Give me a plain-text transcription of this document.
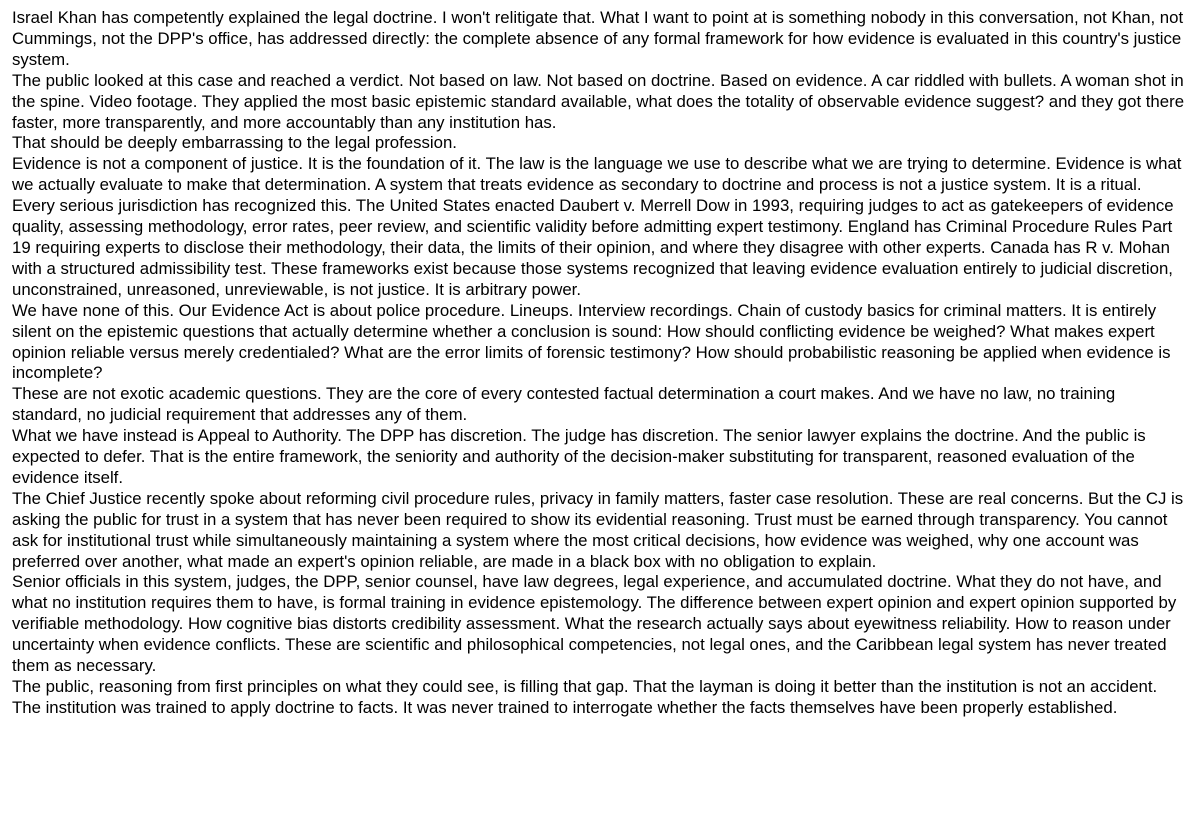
Israel Khan has competently explained the legal doctrine. I won't relitigate that. What I want to point at is something nobody in this conversation, not Khan, not Cummings, not the DPP's office, has addressed directly: the complete absence of any formal framework for how evidence is evaluated in this country's justice system.

The public looked at this case and reached a verdict. Not based on law. Not based on doctrine. Based on evidence. A car riddled with bullets. A woman shot in the spine. Video footage. They applied the most basic epistemic standard available, what does the totality of observable evidence suggest? and they got there faster, more transparently, and more accountably than any institution has.

That should be deeply embarrassing to the legal profession.

Evidence is not a component of justice. It is the foundation of it. The law is the language we use to describe what we are trying to determine. Evidence is what we actually evaluate to make that determination. A system that treats evidence as secondary to doctrine and process is not a justice system. It is a ritual.

Every serious jurisdiction has recognized this. The United States enacted Daubert v. Merrell Dow in 1993, requiring judges to act as gatekeepers of evidence quality, assessing methodology, error rates, peer review, and scientific validity before admitting expert testimony. England has Criminal Procedure Rules Part 19 requiring experts to disclose their methodology, their data, the limits of their opinion, and where they disagree with other experts. Canada has R v. Mohan with a structured admissibility test. These frameworks exist because those systems recognized that leaving evidence evaluation entirely to judicial discretion, unconstrained, unreasoned, unreviewable, is not justice. It is arbitrary power.

We have none of this. Our Evidence Act is about police procedure. Lineups. Interview recordings. Chain of custody basics for criminal matters. It is entirely silent on the epistemic questions that actually determine whether a conclusion is sound: How should conflicting evidence be weighed? What makes expert opinion reliable versus merely credentialed? What are the error limits of forensic testimony? How should probabilistic reasoning be applied when evidence is incomplete?

These are not exotic academic questions. They are the core of every contested factual determination a court makes. And we have no law, no training standard, no judicial requirement that addresses any of them.

What we have instead is Appeal to Authority. The DPP has discretion. The judge has discretion. The senior lawyer explains the doctrine. And the public is expected to defer. That is the entire framework, the seniority and authority of the decision-maker substituting for transparent, reasoned evaluation of the evidence itself.

The Chief Justice recently spoke about reforming civil procedure rules, privacy in family matters, faster case resolution. These are real concerns. But the CJ is asking the public for trust in a system that has never been required to show its evidential reasoning. Trust must be earned through transparency. You cannot ask for institutional trust while simultaneously maintaining a system where the most critical decisions, how evidence was weighed, why one account was preferred over another, what made an expert's opinion reliable, are made in a black box with no obligation to explain.

Senior officials in this system, judges, the DPP, senior counsel, have law degrees, legal experience, and accumulated doctrine. What they do not have, and what no institution requires them to have, is formal training in evidence epistemology. The difference between expert opinion and expert opinion supported by verifiable methodology. How cognitive bias distorts credibility assessment. What the research actually says about eyewitness reliability. How to reason under uncertainty when evidence conflicts. These are scientific and philosophical competencies, not legal ones, and the Caribbean legal system has never treated them as necessary.

The public, reasoning from first principles on what they could see, is filling that gap. That the layman is doing it better than the institution is not an accident. The institution was trained to apply doctrine to facts. It was never trained to interrogate whether the facts themselves have been properly established.
